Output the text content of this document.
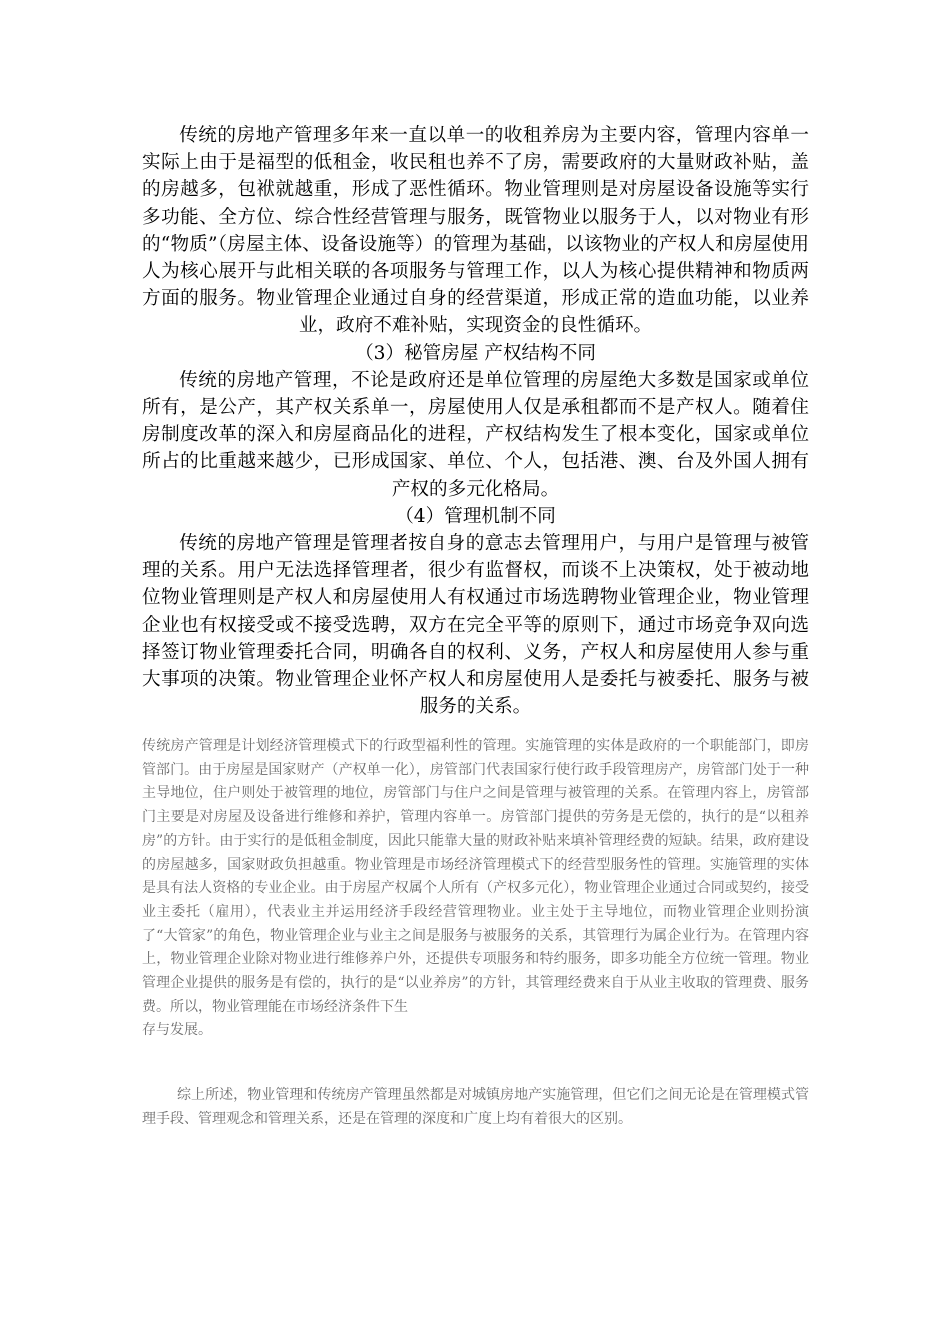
传统的房地产管理多年来一直以单一的收租养房为主要内容，管理内容单一实际上由于是福型的低租金，收民租也养不了房，需要政府的大量财政补贴，盖的房越多，包袱就越重，形成了恶性循环。物业管理则是对房屋设备设施等实行多功能、全方位、综合性经营管理与服务，既管物业以服务于人，以对物业有形的“物质”（房屋主体、设备设施等）的管理为基础，以该物业的产权人和房屋使用人为核心展开与此相关联的各项服务与管理工作，以人为核心提供精神和物质两方面的服务。物业管理企业通过自身的经营渠道，形成正常的造血功能，以业养业，政府不难补贴，实现资金的良性循环。

（3）秘管房屋 产权结构不同

传统的房地产管理，不论是政府还是单位管理的房屋绝大多数是国家或单位所有，是公产，其产权关系单一，房屋使用人仅是承租都而不是产权人。随着住房制度改革的深入和房屋商品化的进程，产权结构发生了根本变化，国家或单位所占的比重越来越少，已形成国家、单位、个人，包括港、澳、台及外国人拥有产权的多元化格局。

（4）管理机制不同

传统的房地产管理是管理者按自身的意志去管理用户，与用户是管理与被管理的关系。用户无法选择管理者，很少有监督权，而谈不上决策权，处于被动地位物业管理则是产权人和房屋使用人有权通过市场选聘物业管理企业，物业管理企业也有权接受或不接受选聘，双方在完全平等的原则下，通过市场竞争双向选择签订物业管理委托合同，明确各自的权利、义务，产权人和房屋使用人参与重大事项的决策。物业管理企业怀产权人和房屋使用人是委托与被委托、服务与被服务的关系。

传统房产管理是计划经济管理模式下的行政型福利性的管理。实施管理的实体是政府的一个职能部门，即房管部门。由于房屋是国家财产（产权单一化），房管部门代表国家行使行政手段管理房产，房管部门处于一种主导地位，住户则处于被管理的地位，房管部门与住户之间是管理与被管理的关系。在管理内容上，房管部门主要是对房屋及设备进行维修和养护，管理内容单一。房管部门提供的劳务是无偿的，执行的是“以租养房”的方针。由于实行的是低租金制度，因此只能靠大量的财政补贴来填补管理经费的短缺。结果，政府建设的房屋越多，国家财政负担越重。物业管理是市场经济管理模式下的经营型服务性的管理。实施管理的实体是具有法人资格的专业企业。由于房屋产权属个人所有（产权多元化），物业管理企业通过合同或契约，接受业主委托（雇用），代表业主并运用经济手段经营管理物业。业主处于主导地位，而物业管理企业则扮演了“大管家”的角色，物业管理企业与业主之间是服务与被服务的关系，其管理行为属企业行为。在管理内容上，物业管理企业除对物业进行维修养户外，还提供专项服务和特约服务，即多功能全方位统一管理。物业管理企业提供的服务是有偿的，执行的是“以业养房”的方针，其管理经费来自于从业主收取的管理费、服务费。所以，物业管理能在市场经济条件下生

存与发展。

综上所述，物业管理和传统房产管理虽然都是对城镇房地产实施管理，但它们之间无论是在管理模式管理手段、管理观念和管理关系，还是在管理的深度和广度上均有着很大的区别。
